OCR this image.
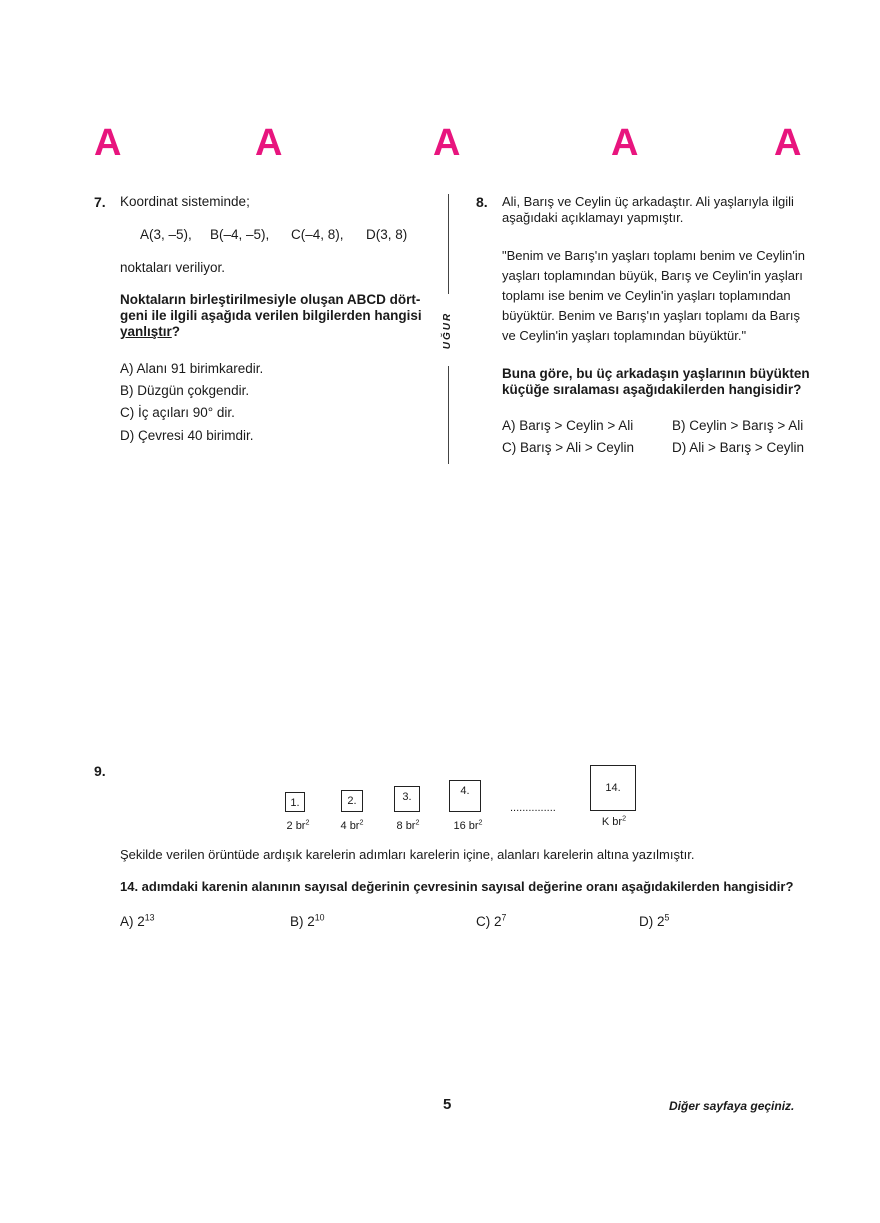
A	A	A	A	A
UĞUR
7. Koordinat sisteminde;
A(3, –5), B(–4, –5), C(–4, 8), D(3, 8)
noktaları veriliyor.
Noktaların birleştirilmesiyle oluşan ABCD dört-
geni ile ilgili aşağıda verilen bilgilerden hangisi
yanlıştır?
A) Alanı 91 birimkaredir.
B) Düzgün çokgendir.
C) İç açıları 90° dir.
D) Çevresi 40 birimdir.
8. Ali, Barış ve Ceylin üç arkadaştır. Ali yaşlarıyla ilgili
aşağıdaki açıklamayı yapmıştır.
"Benim ve Barış'ın yaşları toplamı benim ve Ceylin'in
yaşları toplamından büyük, Barış ve Ceylin'in yaşları
toplamı ise benim ve Ceylin'in yaşları toplamından
büyüktür. Benim ve Barış'ın yaşları toplamı da Barış
ve Ceylin'in yaşları toplamından büyüktür."
Buna göre, bu üç arkadaşın yaşlarının büyükten
küçüğe sıralaması aşağıdakilerden hangisidir?
A) Barış > Ceylin > Ali	B) Ceylin > Barış > Ali
C) Barış > Ali > Ceylin	D) Ali > Barış > Ceylin
9.
1.
2 $br^2$
2.
4 $br^2$
3.
8 $br^2$
4.
16 $br^2$
...............
14.
K $br^2$
Şekilde verilen örüntüde ardışık karelerin adımları karelerin içine, alanları karelerin altına yazılmıştır.
14. adımdaki karenin alanının sayısal değerinin çevresinin sayısal değerine oranı aşağıdakilerden hangisidir?
A) $2^{13}$	B) $2^{10}$	C) $2^7$	D) $2^5$
5	Diğer sayfaya geçiniz.
